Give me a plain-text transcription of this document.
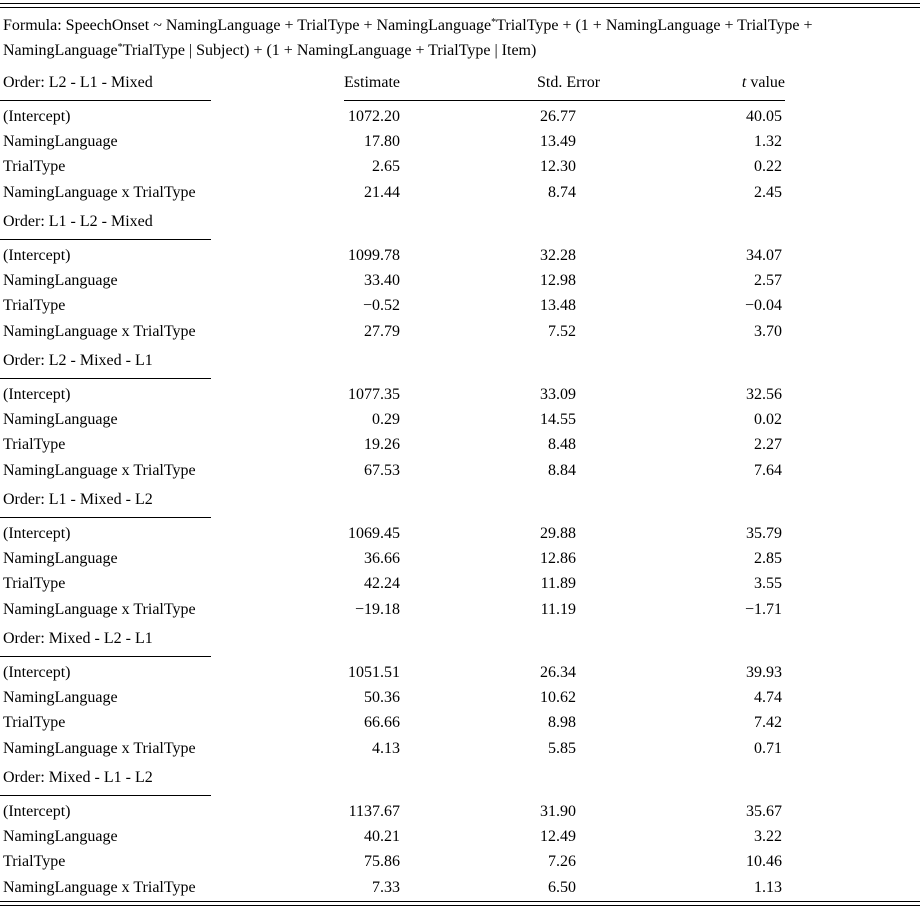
Formula: SpeechOnset ~ NamingLanguage + TrialType + NamingLanguage*TrialType + (1 + NamingLanguage + TrialType +
NamingLanguage*TrialType | Subject) + (1 + NamingLanguage + TrialType | Item)
Estimate	Std. Error	t value
Order: L2 - L1 - Mixed
(Intercept)	1072.20	26.77	40.05
NamingLanguage	17.80	13.49	1.32
TrialType	2.65	12.30	0.22
NamingLanguage x TrialType	21.44	8.74	2.45
Order: L1 - L2 - Mixed
(Intercept)	1099.78	32.28	34.07
NamingLanguage	33.40	12.98	2.57
TrialType	−0.52	13.48	−0.04
NamingLanguage x TrialType	27.79	7.52	3.70
Order: L2 - Mixed - L1
(Intercept)	1077.35	33.09	32.56
NamingLanguage	0.29	14.55	0.02
TrialType	19.26	8.48	2.27
NamingLanguage x TrialType	67.53	8.84	7.64
Order: L1 - Mixed - L2
(Intercept)	1069.45	29.88	35.79
NamingLanguage	36.66	12.86	2.85
TrialType	42.24	11.89	3.55
NamingLanguage x TrialType	−19.18	11.19	−1.71
Order: Mixed - L2 - L1
(Intercept)	1051.51	26.34	39.93
NamingLanguage	50.36	10.62	4.74
TrialType	66.66	8.98	7.42
NamingLanguage x TrialType	4.13	5.85	0.71
Order: Mixed - L1 - L2
(Intercept)	1137.67	31.90	35.67
NamingLanguage	40.21	12.49	3.22
TrialType	75.86	7.26	10.46
NamingLanguage x TrialType	7.33	6.50	1.13
